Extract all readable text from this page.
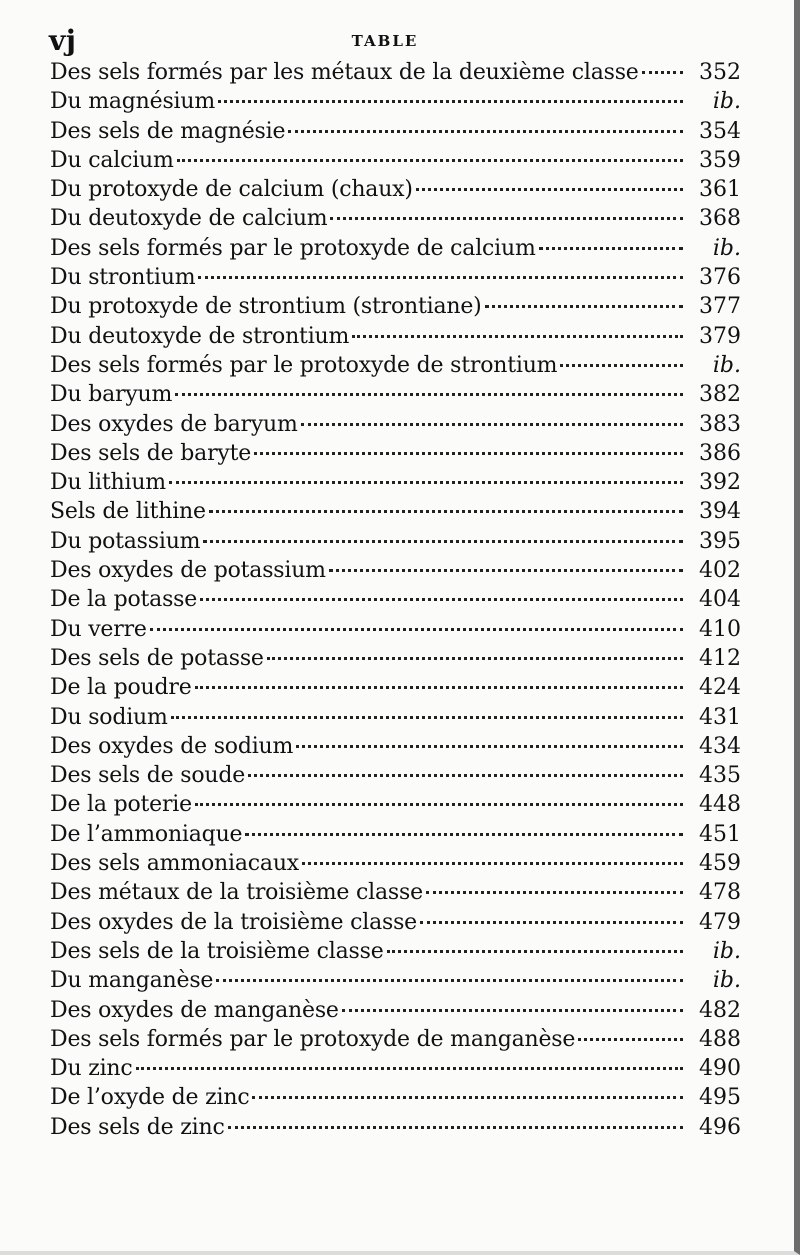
vj	TABLE
Des sels formés par les métaux de la deuxième classe	352
Du magnésium	ib.
Des sels de magnésie	354
Du calcium	359
Du protoxyde de calcium (chaux)	361
Du deutoxyde de calcium	368
Des sels formés par le protoxyde de calcium	ib.
Du strontium	376
Du protoxyde de strontium (strontiane)	377
Du deutoxyde de strontium	379
Des sels formés par le protoxyde de strontium	ib.
Du baryum	382
Des oxydes de baryum	383
Des sels de baryte	386
Du lithium	392
Sels de lithine	394
Du potassium	395
Des oxydes de potassium	402
De la potasse	404
Du verre	410
Des sels de potasse	412
De la poudre	424
Du sodium	431
Des oxydes de sodium	434
Des sels de soude	435
De la poterie	448
De l’ammoniaque	451
Des sels ammoniacaux	459
Des métaux de la troisième classe	478
Des oxydes de la troisième classe	479
Des sels de la troisième classe	ib.
Du manganèse	ib.
Des oxydes de manganèse	482
Des sels formés par le protoxyde de manganèse	488
Du zinc	490
De l’oxyde de zinc	495
Des sels de zinc	496
